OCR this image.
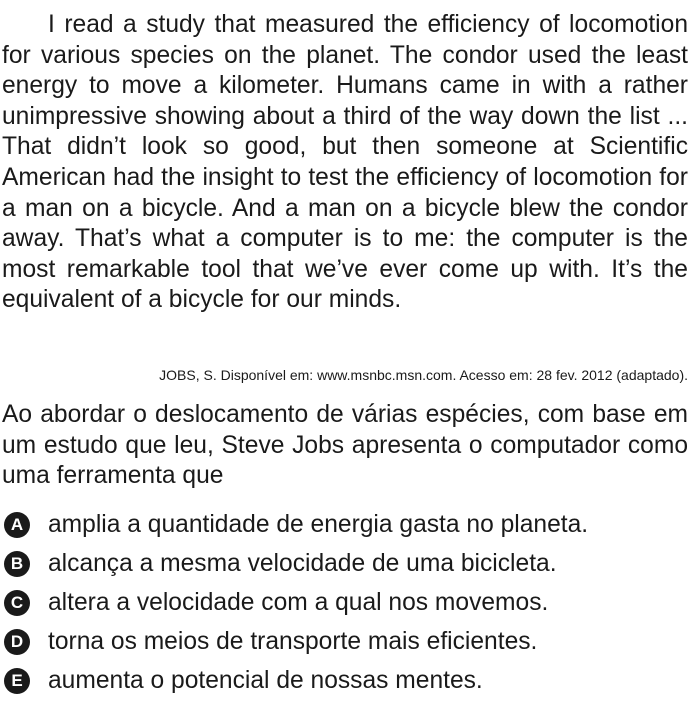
I read a study that measured the efficiency of locomotion for various species on the planet. The condor used the least energy to move a kilometer. Humans came in with a rather unimpressive showing about a third of the way down the list ... That didn’t look so good, but then someone at Scientific American had the insight to test the efficiency of locomotion for a man on a bicycle. And a man on a bicycle blew the condor away. That’s what a computer is to me: the computer is the most remarkable tool that we’ve ever come up with. It’s the equivalent of a bicycle for our minds.

JOBS, S. Disponível em: www.msnbc.msn.com. Acesso em: 28 fev. 2012 (adaptado).

Ao abordar o deslocamento de várias espécies, com base em um estudo que leu, Steve Jobs apresenta o computador como uma ferramenta que

A amplia a quantidade de energia gasta no planeta.
B alcança a mesma velocidade de uma bicicleta.
C altera a velocidade com a qual nos movemos.
D torna os meios de transporte mais eficientes.
E aumenta o potencial de nossas mentes.
